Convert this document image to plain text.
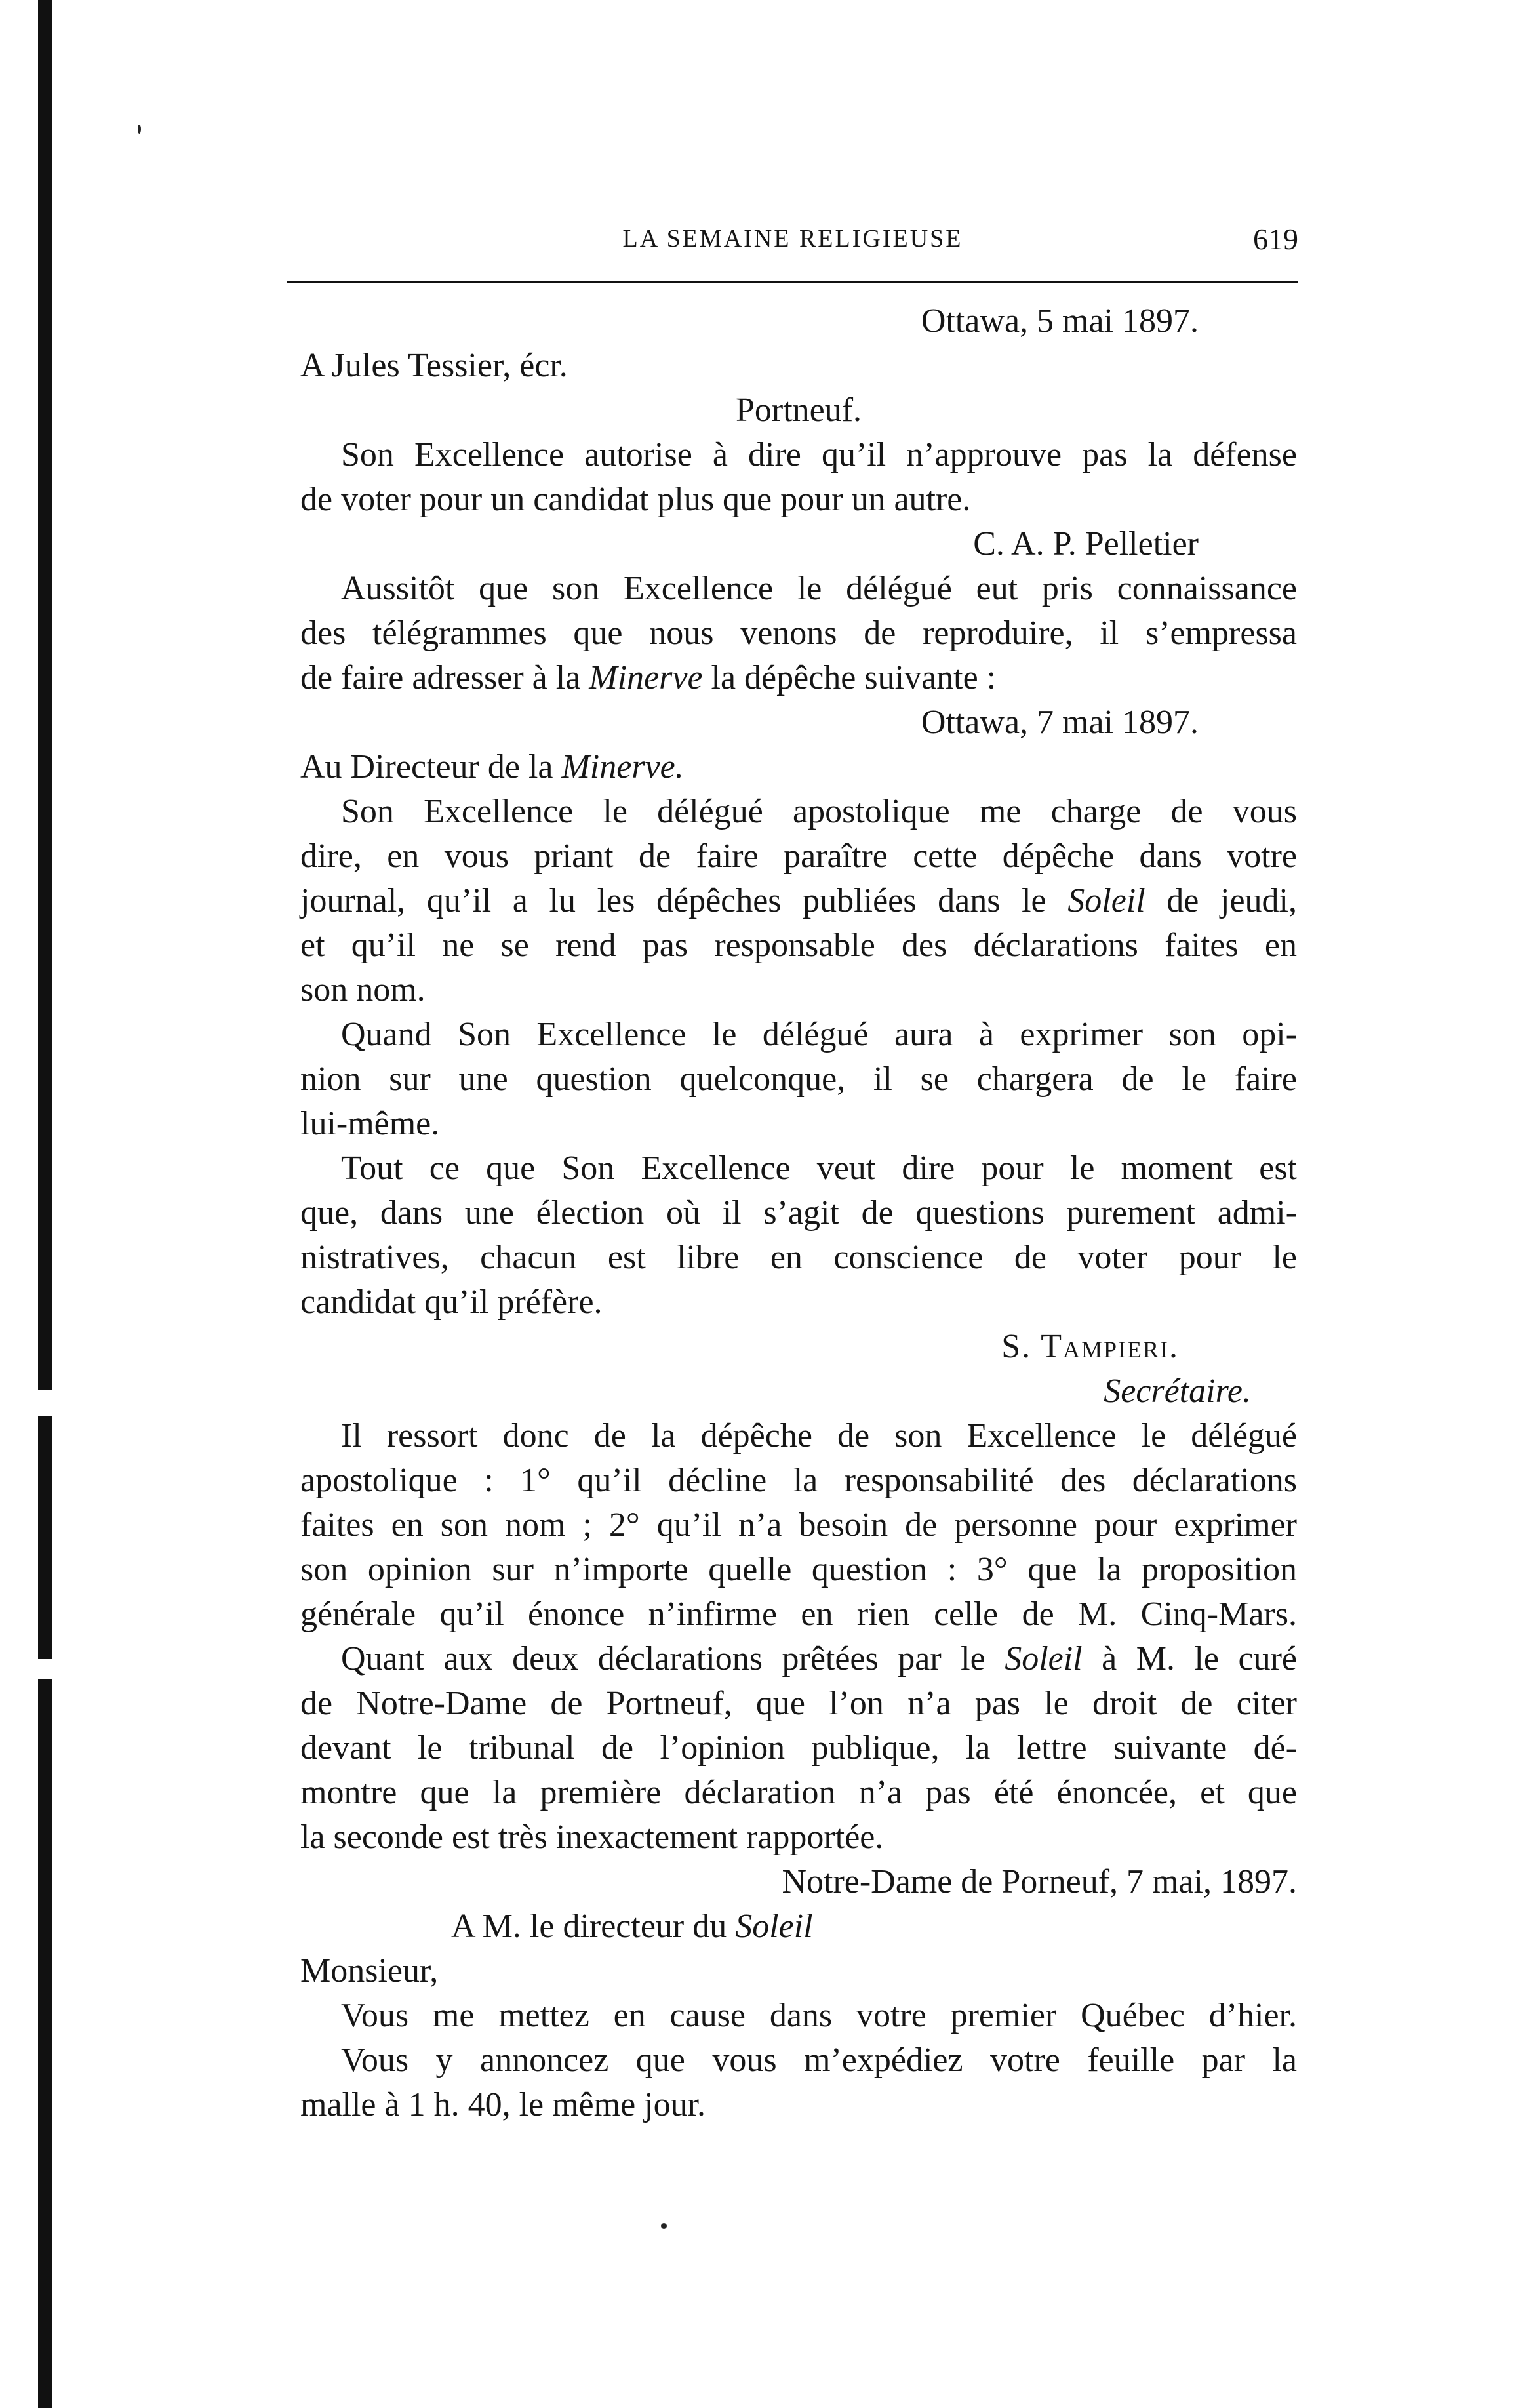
LA SEMAINE RELIGIEUSE	619
Ottawa, 5 mai 1897.
A Jules Tessier, écr.
Portneuf.
Son Excellence autorise à dire qu’il n’approuve pas la défense
de voter pour un candidat plus que pour un autre.
C. A. P. Pelletier
Aussitôt que son Excellence le délégué eut pris connaissance
des télégrammes que nous venons de reproduire, il s’empressa
de faire adresser à la Minerve la dépêche suivante :
Ottawa, 7 mai 1897.
Au Directeur de la Minerve.
Son Excellence le délégué apostolique me charge de vous
dire, en vous priant de faire paraître cette dépêche dans votre
journal, qu’il a lu les dépêches publiées dans le Soleil de jeudi,
et qu’il ne se rend pas responsable des déclarations faites en
son nom.
Quand Son Excellence le délégué aura à exprimer son opi-
nion sur une question quelconque, il se chargera de le faire
lui-même.
Tout ce que Son Excellence veut dire pour le moment est
que, dans une élection où il s’agit de questions purement admi-
nistratives, chacun est libre en conscience de voter pour le
candidat qu’il préfère.
S. Tampieri.
Secrétaire.
Il ressort donc de la dépêche de son Excellence le délégué
apostolique : 1° qu’il décline la responsabilité des déclarations
faites en son nom ; 2° qu’il n’a besoin de personne pour exprimer
son opinion sur n’importe quelle question : 3° que la proposition
générale qu’il énonce n’infirme en rien celle de M. Cinq-Mars.
Quant aux deux déclarations prêtées par le Soleil à M. le curé
de Notre-Dame de Portneuf, que l’on n’a pas le droit de citer
devant le tribunal de l’opinion publique, la lettre suivante dé-
montre que la première déclaration n’a pas été énoncée, et que
la seconde est très inexactement rapportée.
Notre-Dame de Porneuf, 7 mai, 1897.
A M. le directeur du Soleil
Monsieur,
Vous me mettez en cause dans votre premier Québec d’hier.
Vous y annoncez que vous m’expédiez votre feuille par la
malle à 1 h. 40, le même jour.
